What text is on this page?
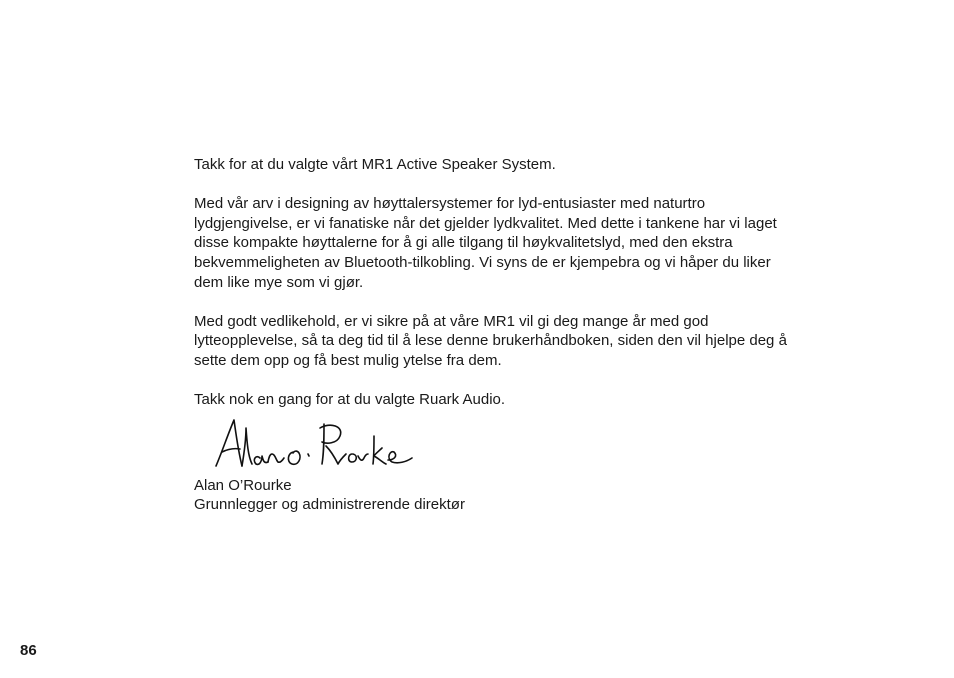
Takk for at du valgte vårt MR1 Active Speaker System.

Med vår arv i designing av høyttalersystemer for lyd-entusiaster med naturtro lydgjengivelse, er vi fanatiske når det gjelder lydkvalitet. Med dette i tankene har vi laget disse kompakte høyttalerne for å gi alle tilgang til høykvalitetslyd, med den ekstra bekvemmeligheten av Bluetooth-tilkobling. Vi syns de er kjempebra og vi håper du liker dem like mye som vi gjør.

Med godt vedlikehold, er vi sikre på at våre MR1 vil gi deg mange år med god lytteopplevelse, så ta deg tid til å lese denne brukerhåndboken, siden den vil hjelpe deg å sette dem opp og få best mulig ytelse fra dem.

Takk nok en gang for at du valgte Ruark Audio.

Alan O’Rourke

Grunnlegger og administrerende direktør

86
